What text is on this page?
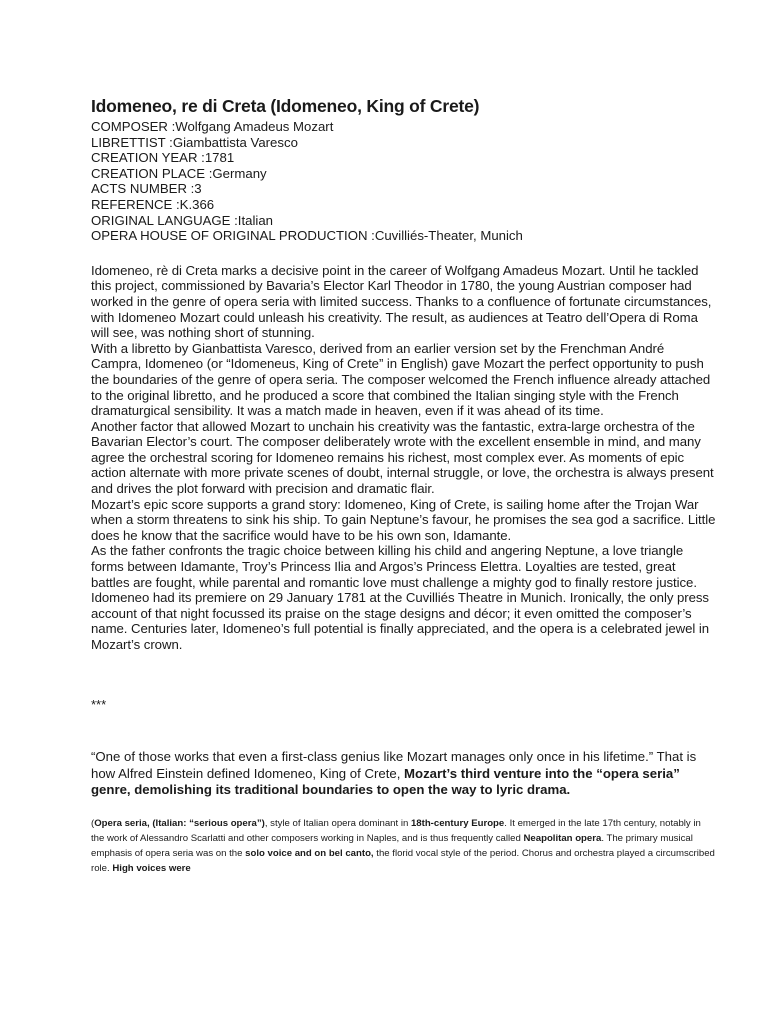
Idomeneo, re di Creta (Idomeneo, King of Crete)

COMPOSER :Wolfgang Amadeus Mozart

LIBRETTIST :Giambattista Varesco

CREATION YEAR :1781

CREATION PLACE :Germany

ACTS NUMBER :3

REFERENCE :K.366

ORIGINAL LANGUAGE :Italian

OPERA HOUSE OF ORIGINAL PRODUCTION :Cuvilliés-Theater, Munich

Idomeneo, rè di Creta marks a decisive point in the career of Wolfgang Amadeus Mozart. Until he tackled this project, commissioned by Bavaria’s Elector Karl Theodor in 1780, the young Austrian composer had worked in the genre of opera seria with limited success. Thanks to a confluence of fortunate circumstances, with Idomeneo Mozart could unleash his creativity. The result, as audiences at Teatro dell’Opera di Roma will see, was nothing short of stunning.

With a libretto by Gianbattista Varesco, derived from an earlier version set by the Frenchman André Campra, Idomeneo (or “Idomeneus, King of Crete” in English) gave Mozart the perfect opportunity to push the boundaries of the genre of opera seria. The composer welcomed the French influence already attached to the original libretto, and he produced a score that combined the Italian singing style with the French dramaturgical sensibility. It was a match made in heaven, even if it was ahead of its time.

Another factor that allowed Mozart to unchain his creativity was the fantastic, extra-large orchestra of the Bavarian Elector’s court. The composer deliberately wrote with the excellent ensemble in mind, and many agree the orchestral scoring for Idomeneo remains his richest, most complex ever. As moments of epic action alternate with more private scenes of doubt, internal struggle, or love, the orchestra is always present and drives the plot forward with precision and dramatic flair.

Mozart’s epic score supports a grand story: Idomeneo, King of Crete, is sailing home after the Trojan War when a storm threatens to sink his ship. To gain Neptune’s favour, he promises the sea god a sacrifice. Little does he know that the sacrifice would have to be his own son, Idamante.

As the father confronts the tragic choice between killing his child and angering Neptune, a love triangle forms between Idamante, Troy’s Princess Ilia and Argos’s Princess Elettra. Loyalties are tested, great battles are fought, while parental and romantic love must challenge a mighty god to finally restore justice.

Idomeneo had its premiere on 29 January 1781 at the Cuvilliés Theatre in Munich. Ironically, the only press account of that night focussed its praise on the stage designs and décor; it even omitted the composer’s name. Centuries later, Idomeneo’s full potential is finally appreciated, and the opera is a celebrated jewel in Mozart’s crown.

***

“One of those works that even a first-class genius like Mozart manages only once in his lifetime.” That is how Alfred Einstein defined Idomeneo, King of Crete, Mozart’s third venture into the “opera seria” genre, demolishing its traditional boundaries to open the way to lyric drama.

(Opera seria, (Italian: “serious opera”), style of Italian opera dominant in 18th-century Europe. It emerged in the late 17th century, notably in the work of Alessandro Scarlatti and other composers working in Naples, and is thus frequently called Neapolitan opera. The primary musical emphasis of opera seria was on the solo voice and on bel canto, the florid vocal style of the period. Chorus and orchestra played a circumscribed role. High voices were
